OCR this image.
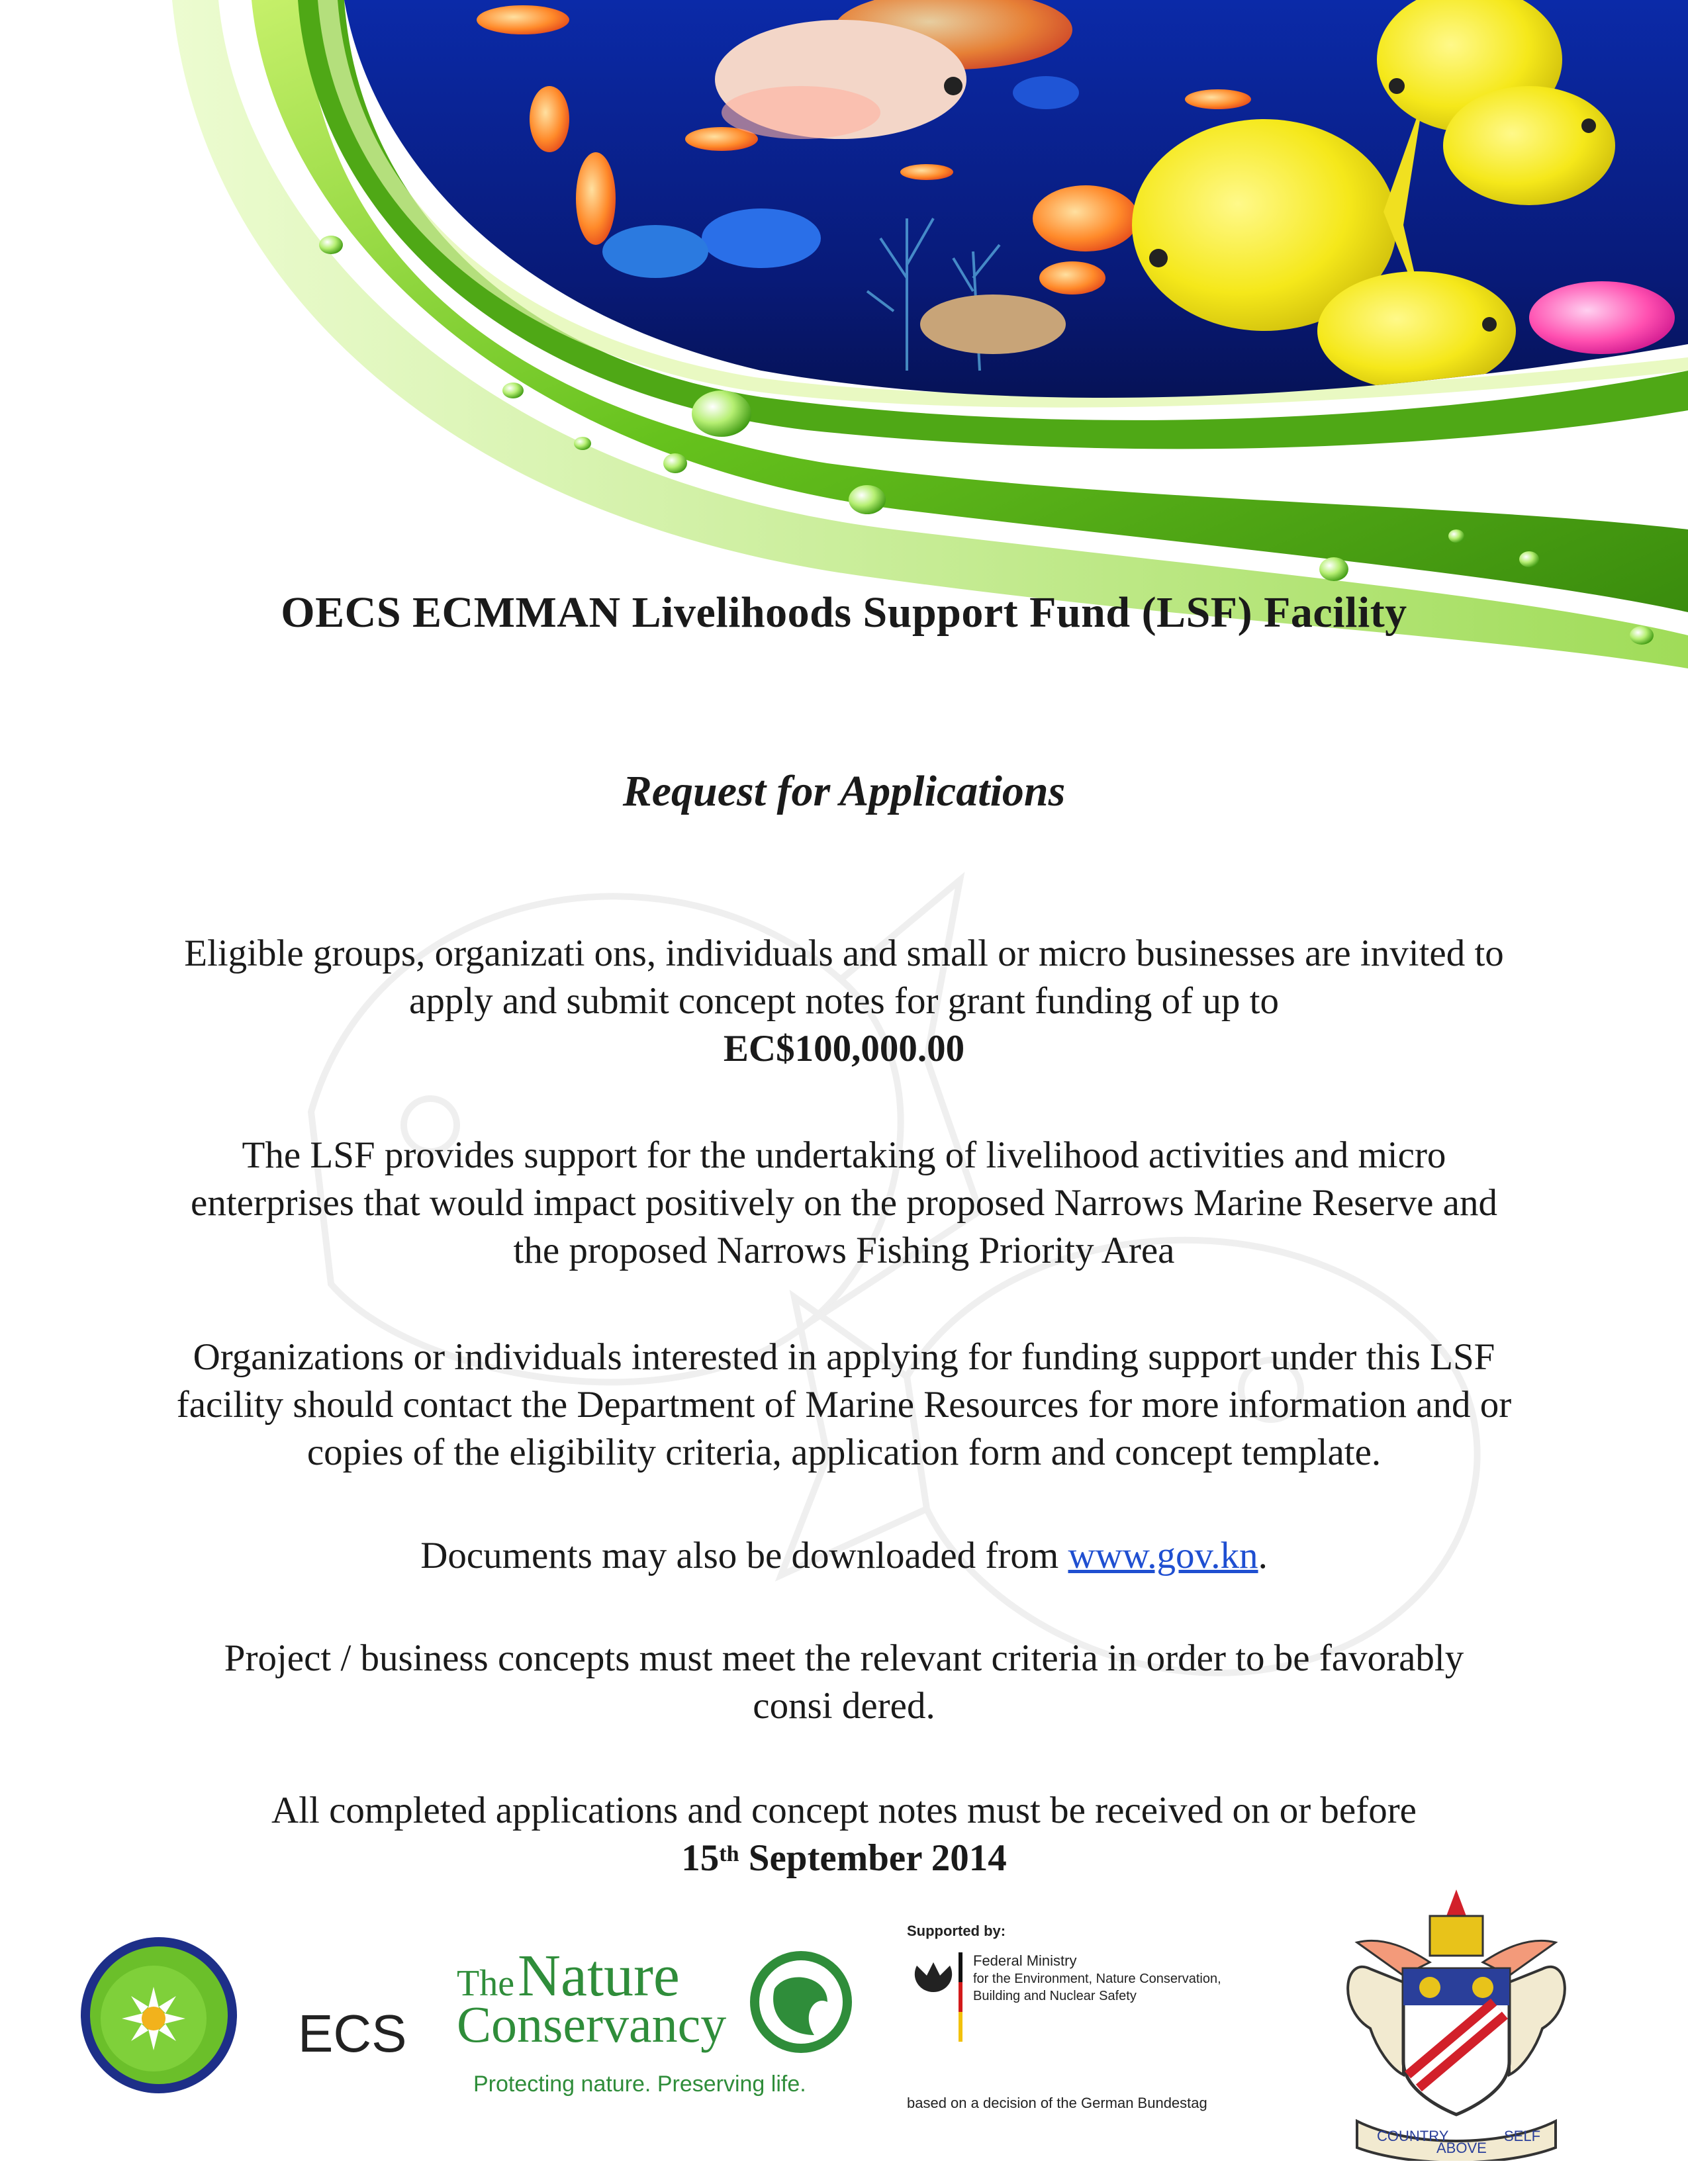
OECS ECMMAN Livelihoods Support Fund (LSF) Facility
Request for Applications
Eligible groups, organizati ons, individuals and small or micro businesses are invited to
apply and submit concept notes for grant funding of up to
EC$100,000.00
The LSF provides support for the undertaking of livelihood activities and micro
enterprises that would impact positively on the proposed Narrows Marine Reserve and
the proposed Narrows Fishing Priority Area
Organizations or individuals interested in applying for funding support under this LSF
facility should contact the Department of Marine Resources for more information and or
copies of the eligibility criteria, application form and concept template.
Documents may also be downloaded from www.gov.kn.
Project / business concepts must meet the relevant criteria in order to be favorably
consi dered.
All completed applications and concept notes must be received on or before
15th September 2014
ECS
The Nature
Conservancy
Protecting nature. Preserving life.
Supported by:
Federal Ministry
for the Environment, Nature Conservation,
Building and Nuclear Safety
based on a decision of the German Bundestag
COUNTRY
ABOVE
SELF
